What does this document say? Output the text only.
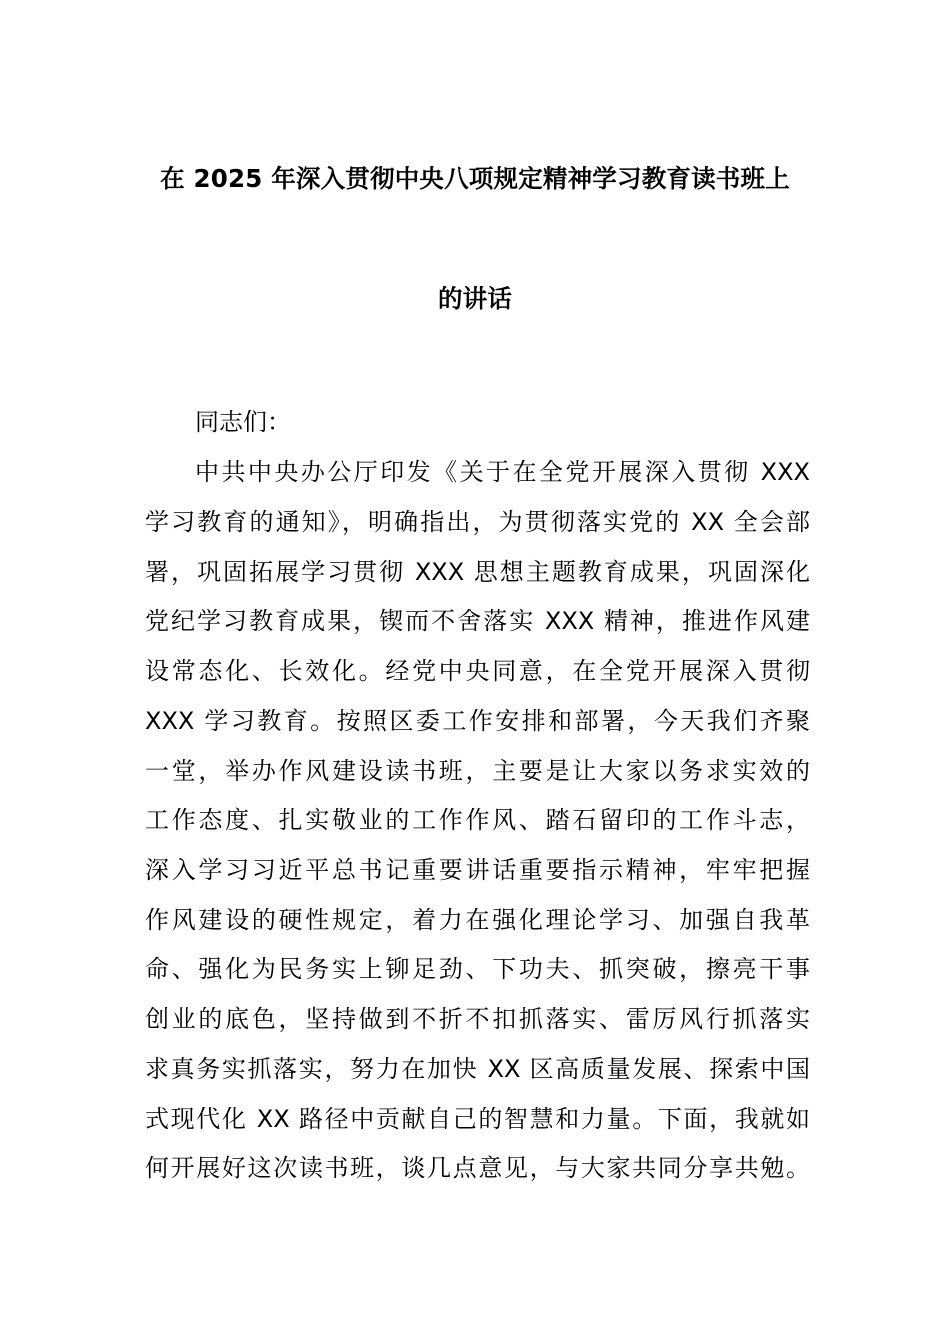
在 2025 年深入贯彻中央八项规定精神学习教育读书班上
的讲话
同志们：
中共中央办公厅印发《关于在全党开展深入贯彻 XXX
学习教育的通知》，明确指出，为贯彻落实党的 XX 全会部
署，巩固拓展学习贯彻 XXX 思想主题教育成果，巩固深化
党纪学习教育成果，锲而不舍落实 XXX 精神，推进作风建
设常态化、长效化。经党中央同意，在全党开展深入贯彻
XXX 学习教育。按照区委工作安排和部署，今天我们齐聚
一堂，举办作风建设读书班，主要是让大家以务求实效的
工作态度、扎实敬业的工作作风、踏石留印的工作斗志，
深入学习习近平总书记重要讲话重要指示精神，牢牢把握
作风建设的硬性规定，着力在强化理论学习、加强自我革
命、强化为民务实上铆足劲、下功夫、抓突破，擦亮干事
创业的底色，坚持做到不折不扣抓落实、雷厉风行抓落实
求真务实抓落实，努力在加快 XX 区高质量发展、探索中国
式现代化 XX 路径中贡献自己的智慧和力量。下面，我就如
何开展好这次读书班，谈几点意见，与大家共同分享共勉。
